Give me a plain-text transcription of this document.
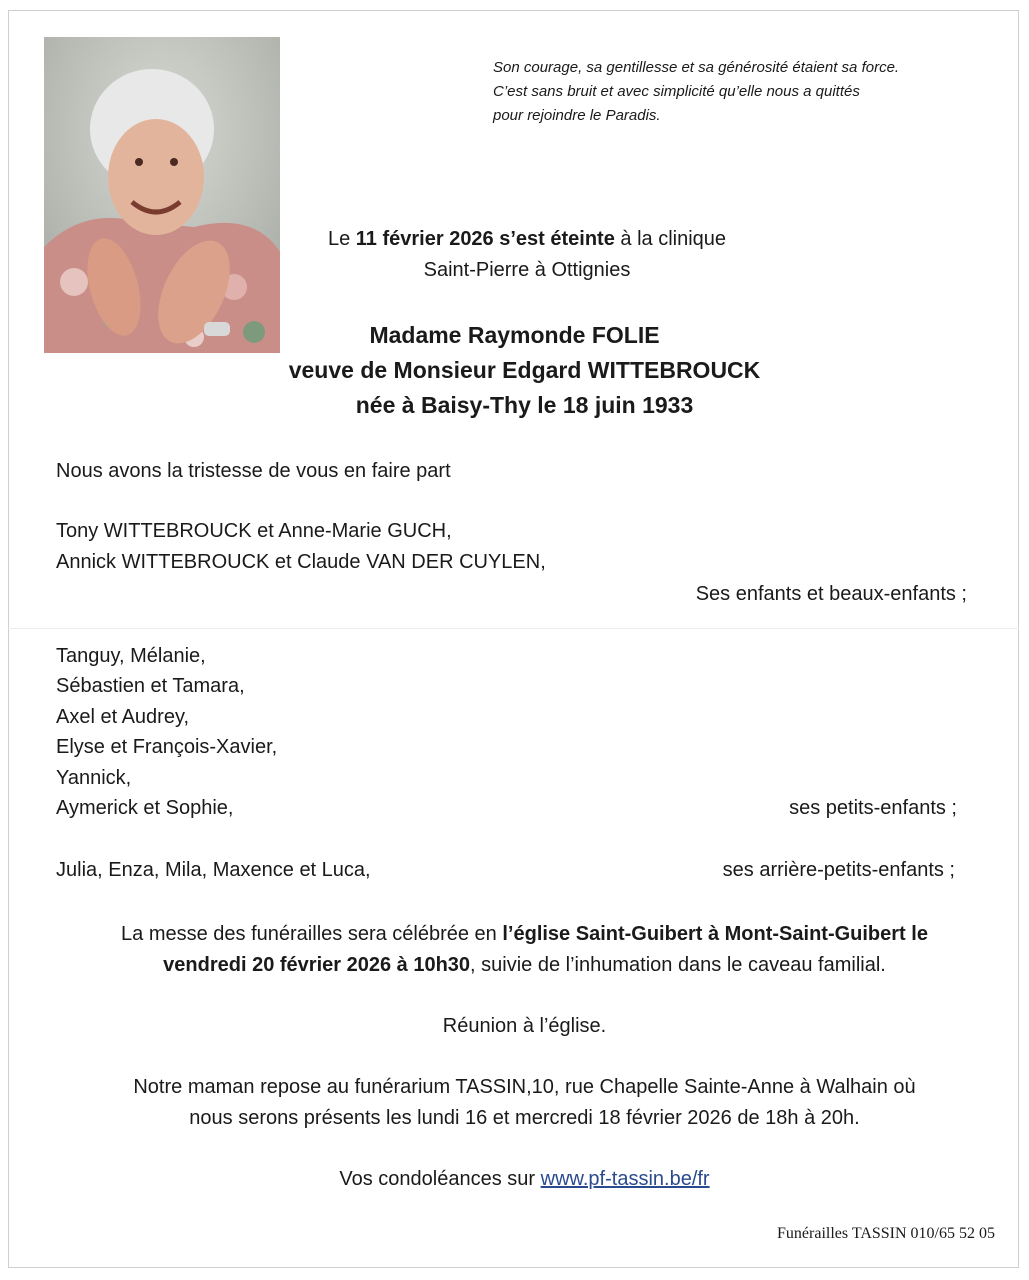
Son courage, sa gentillesse et sa générosité étaient sa force.
C’est sans bruit et avec simplicité qu’elle nous a quittés
pour rejoindre le Paradis.
Le 11 février 2026 s’est éteinte à la clinique
Saint-Pierre à Ottignies
Madame Raymonde FOLIE
veuve de Monsieur Edgard WITTEBROUCK
née à Baisy-Thy le 18 juin 1933
Nous avons la tristesse de vous en faire part
Tony WITTEBROUCK et Anne-Marie GUCH,
Annick WITTEBROUCK et Claude VAN DER CUYLEN,
Ses enfants et beaux-enfants ;
Tanguy, Mélanie,
Sébastien et Tamara,
Axel et Audrey,
Elyse et François-Xavier,
Yannick,
Aymerick et Sophie,	ses petits-enfants ;
Julia, Enza, Mila, Maxence et Luca,	ses arrière-petits-enfants ;
La messe des funérailles sera célébrée en l’église Saint-Guibert à Mont-Saint-Guibert le
vendredi 20 février 2026 à 10h30, suivie de l’inhumation dans le caveau familial.
Réunion à l’église.
Notre maman repose au funérarium TASSIN,10, rue Chapelle Sainte-Anne à Walhain où
nous serons présents les lundi 16 et mercredi 18 février 2026 de 18h à 20h.
Vos condoléances sur www.pf-tassin.be/fr
Funérailles TASSIN 010/65 52 05
